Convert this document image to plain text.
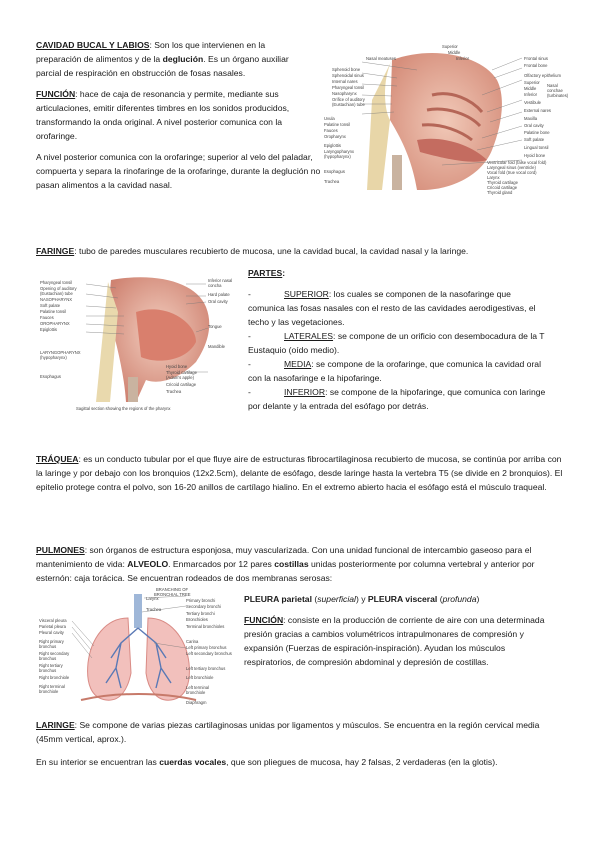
CAVIDAD BUCAL Y LABIOS: Son los que intervienen en la preparación de alimentos y de la deglución. Es un órgano auxiliar parcial de respiración en obstrucción de fosas nasales.

FUNCIÓN: hace de caja de resonancia y permite, mediante sus articulaciones, emitir diferentes timbres en los sonidos producidos, transformando la onda original. A nivel posterior comunica con la orofaringe.

A nivel posterior comunica con la orofaringe; superior al velo del paladar, compuerta y separa la rinofaringe de la orofaringe, durante la deglución no pasan alimentos a la cavidad nasal.

Uvula
Palatine tonsil
Fauces
Oropharynx
Epiglottis
Laryngopharynx
(hypopharynx)
Esophagus
Trachea
Nasal meatuses
Sphenoid bone
Sphenoidal sinus
Internal nares
Pharyngeal tonsil
Nasopharynx
Orifice of auditory
(Eustachian) tube
Superior
Middle
Inferior	Frontal sinus
Frontal bone
Olfactory epithelium
Superior
Middle
Inferior
Vestibule
External nares
Maxilla
Oral cavity
Palatine bone
Soft palate
Lingual tonsil
Hyoid bone
Ventricular fold (false vocal fold)
Laryngeal sinus (ventricle)
Vocal fold (true vocal cord)
Larynx
Thyroid cartilage
Cricoid cartilage
Thyroid gland
Nasal
conchae
(turbinates)

FARINGE: tubo de paredes musculares recubierto de mucosa, une la cavidad bucal, la cavidad nasal y la laringe.

Pharyngeal tonsil
Opening of auditory
(Eustachian) tube
NASOPHARYNX
Soft palate
Palatine tonsil
Fauces
OROPHARYNX
Epiglottis
LARYNGOPHARYNX
(hypopharynx)
Esophagus
Inferior nasal
concha
Hard palate
Oral cavity
Tongue
Mandible
Hyoid bone
Thyroid cartilage
(Adam's apple)
Cricoid cartilage
Trachea
Sagittal section showing the regions of the pharynx

PARTES:

-	SUPERIOR: los cuales se componen de la nasofaringe que comunica las fosas nasales con el resto de las cavidades aerodigestivas, el techo y las vegetaciones.

-	LATERALES: se compone de un orificio con desembocadura de la T Eustaquio (oído medio).

-	MEDIA: se compone de la orofaringe, que comunica la cavidad oral con la nasofaringe e la hipofaringe.

-	INFERIOR: se compone de la hipofaringe, que comunica con laringe por delante y la entrada del esófago por detrás.

TRÁQUEA: es un conducto tubular por el que fluye aire de estructuras fibrocartilaginosa recubierto de mucosa, se continúa por arriba con la laringe y por debajo con los bronquios (12x2.5cm), delante de esófago, desde laringe hasta la vertebra T5 (se divide en 2 bronquios). El epitelio protege contra el polvo, son 16-20 anillos de cartílago hialino. En el extremo abierto hacia el esófago está el músculo traqueal.

PULMONES: son órganos de estructura esponjosa, muy vascularizada. Con una unidad funcional de intercambio gaseoso para el mantenimiento de vida: ALVEOLO. Enmarcados por 12 pares costillas unidas posteriormente por columna vertebral y anterior por esternón: caja torácica. Se encuentran rodeados de dos membranas serosas:

Visceral pleura
Parietal pleura
Pleural cavity
Right primary
bronchus
Right secondary
bronchus
Right tertiary
bronchus
Right bronchiole
Right terminal
bronchiole
BRANCHING OF
BRONCHIAL TREE
Larynx
Trachea
Primary bronchi
Secondary bronchi
Tertiary bronchi
Bronchioles
Terminal bronchioles
Carina
Left primary bronchus
Left secondary bronchus
Left tertiary bronchus
Left bronchiole
Left terminal
bronchiole
Diaphragm

PLEURA parietal (superficial) y PLEURA visceral (profunda)

FUNCIÓN: consiste en la producción de corriente de aire con una determinada presión gracias a cambios volumétricos intrapulmonares de compresión y expansión (Fuerzas de espiración-inspiración). Ayudan los músculos respiratorios, de compresión abdominal y depresión de costillas.

LARINGE: Se compone de varias piezas cartilaginosas unidas por ligamentos y músculos. Se encuentra en la región cervical media (45mm vertical, aprox.).

En su interior se encuentran las cuerdas vocales, que son pliegues de mucosa, hay 2 falsas, 2 verdaderas (en la glotis).
